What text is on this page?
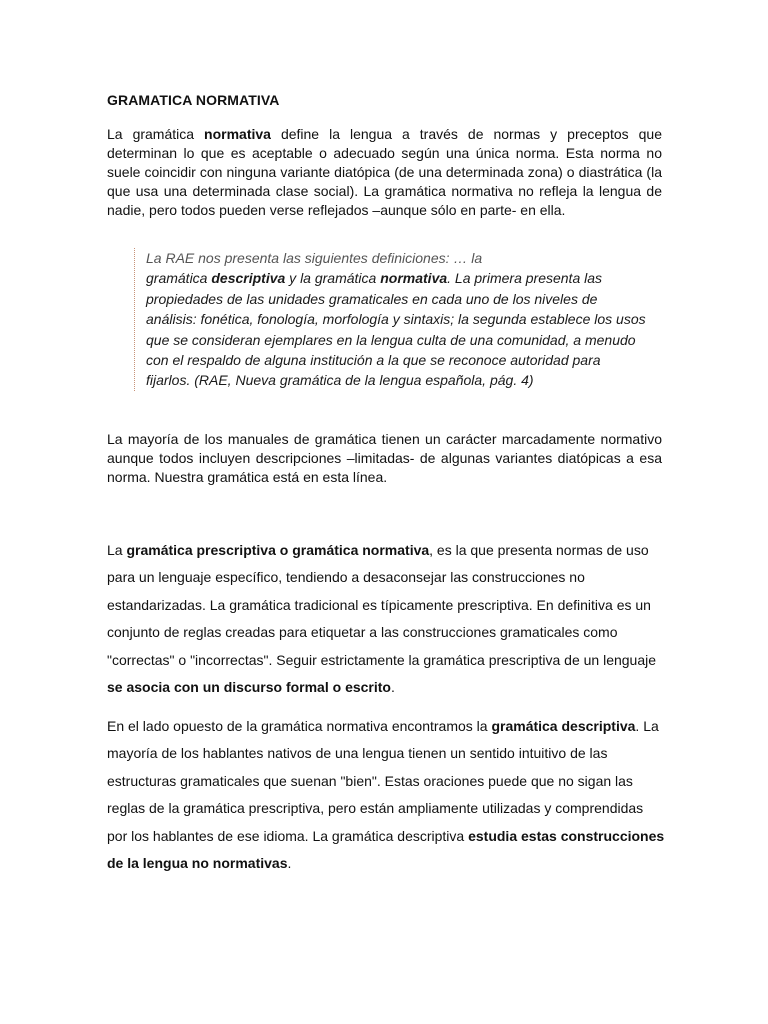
GRAMATICA NORMATIVA

La gramática normativa define la lengua a través de normas y preceptos que determinan lo que es aceptable o adecuado según una única norma. Esta norma no suele coincidir con ninguna variante diatópica (de una determinada zona) o diastrática (la que usa una determinada clase social). La gramática normativa no refleja la lengua de nadie, pero todos pueden verse reflejados –aunque sólo en parte- en ella.

La RAE nos presenta las siguientes definiciones: … la
gramática descriptiva y la gramática normativa. La primera presenta las propiedades de las unidades gramaticales en cada uno de los niveles de análisis: fonética, fonología, morfología y sintaxis; la segunda establece los usos que se consideran ejemplares en la lengua culta de una comunidad, a menudo con el respaldo de alguna institución a la que se reconoce autoridad para fijarlos. (RAE, Nueva gramática de la lengua española, pág. 4)

La mayoría de los manuales de gramática tienen un carácter marcadamente normativo aunque todos incluyen descripciones –limitadas- de algunas variantes diatópicas a esa norma. Nuestra gramática está en esta línea.

La gramática prescriptiva o gramática normativa, es la que presenta normas de uso para un lenguaje específico, tendiendo a desaconsejar las construcciones no estandarizadas. La gramática tradicional es típicamente prescriptiva. En definitiva es un conjunto de reglas creadas para etiquetar a las construcciones gramaticales como "correctas" o "incorrectas". Seguir estrictamente la gramática prescriptiva de un lenguaje se asocia con un discurso formal o escrito.

En el lado opuesto de la gramática normativa encontramos la gramática descriptiva. La mayoría de los hablantes nativos de una lengua tienen un sentido intuitivo de las estructuras gramaticales que suenan "bien". Estas oraciones puede que no sigan las reglas de la gramática prescriptiva, pero están ampliamente utilizadas y comprendidas por los hablantes de ese idioma. La gramática descriptiva estudia estas construcciones de la lengua no normativas.
